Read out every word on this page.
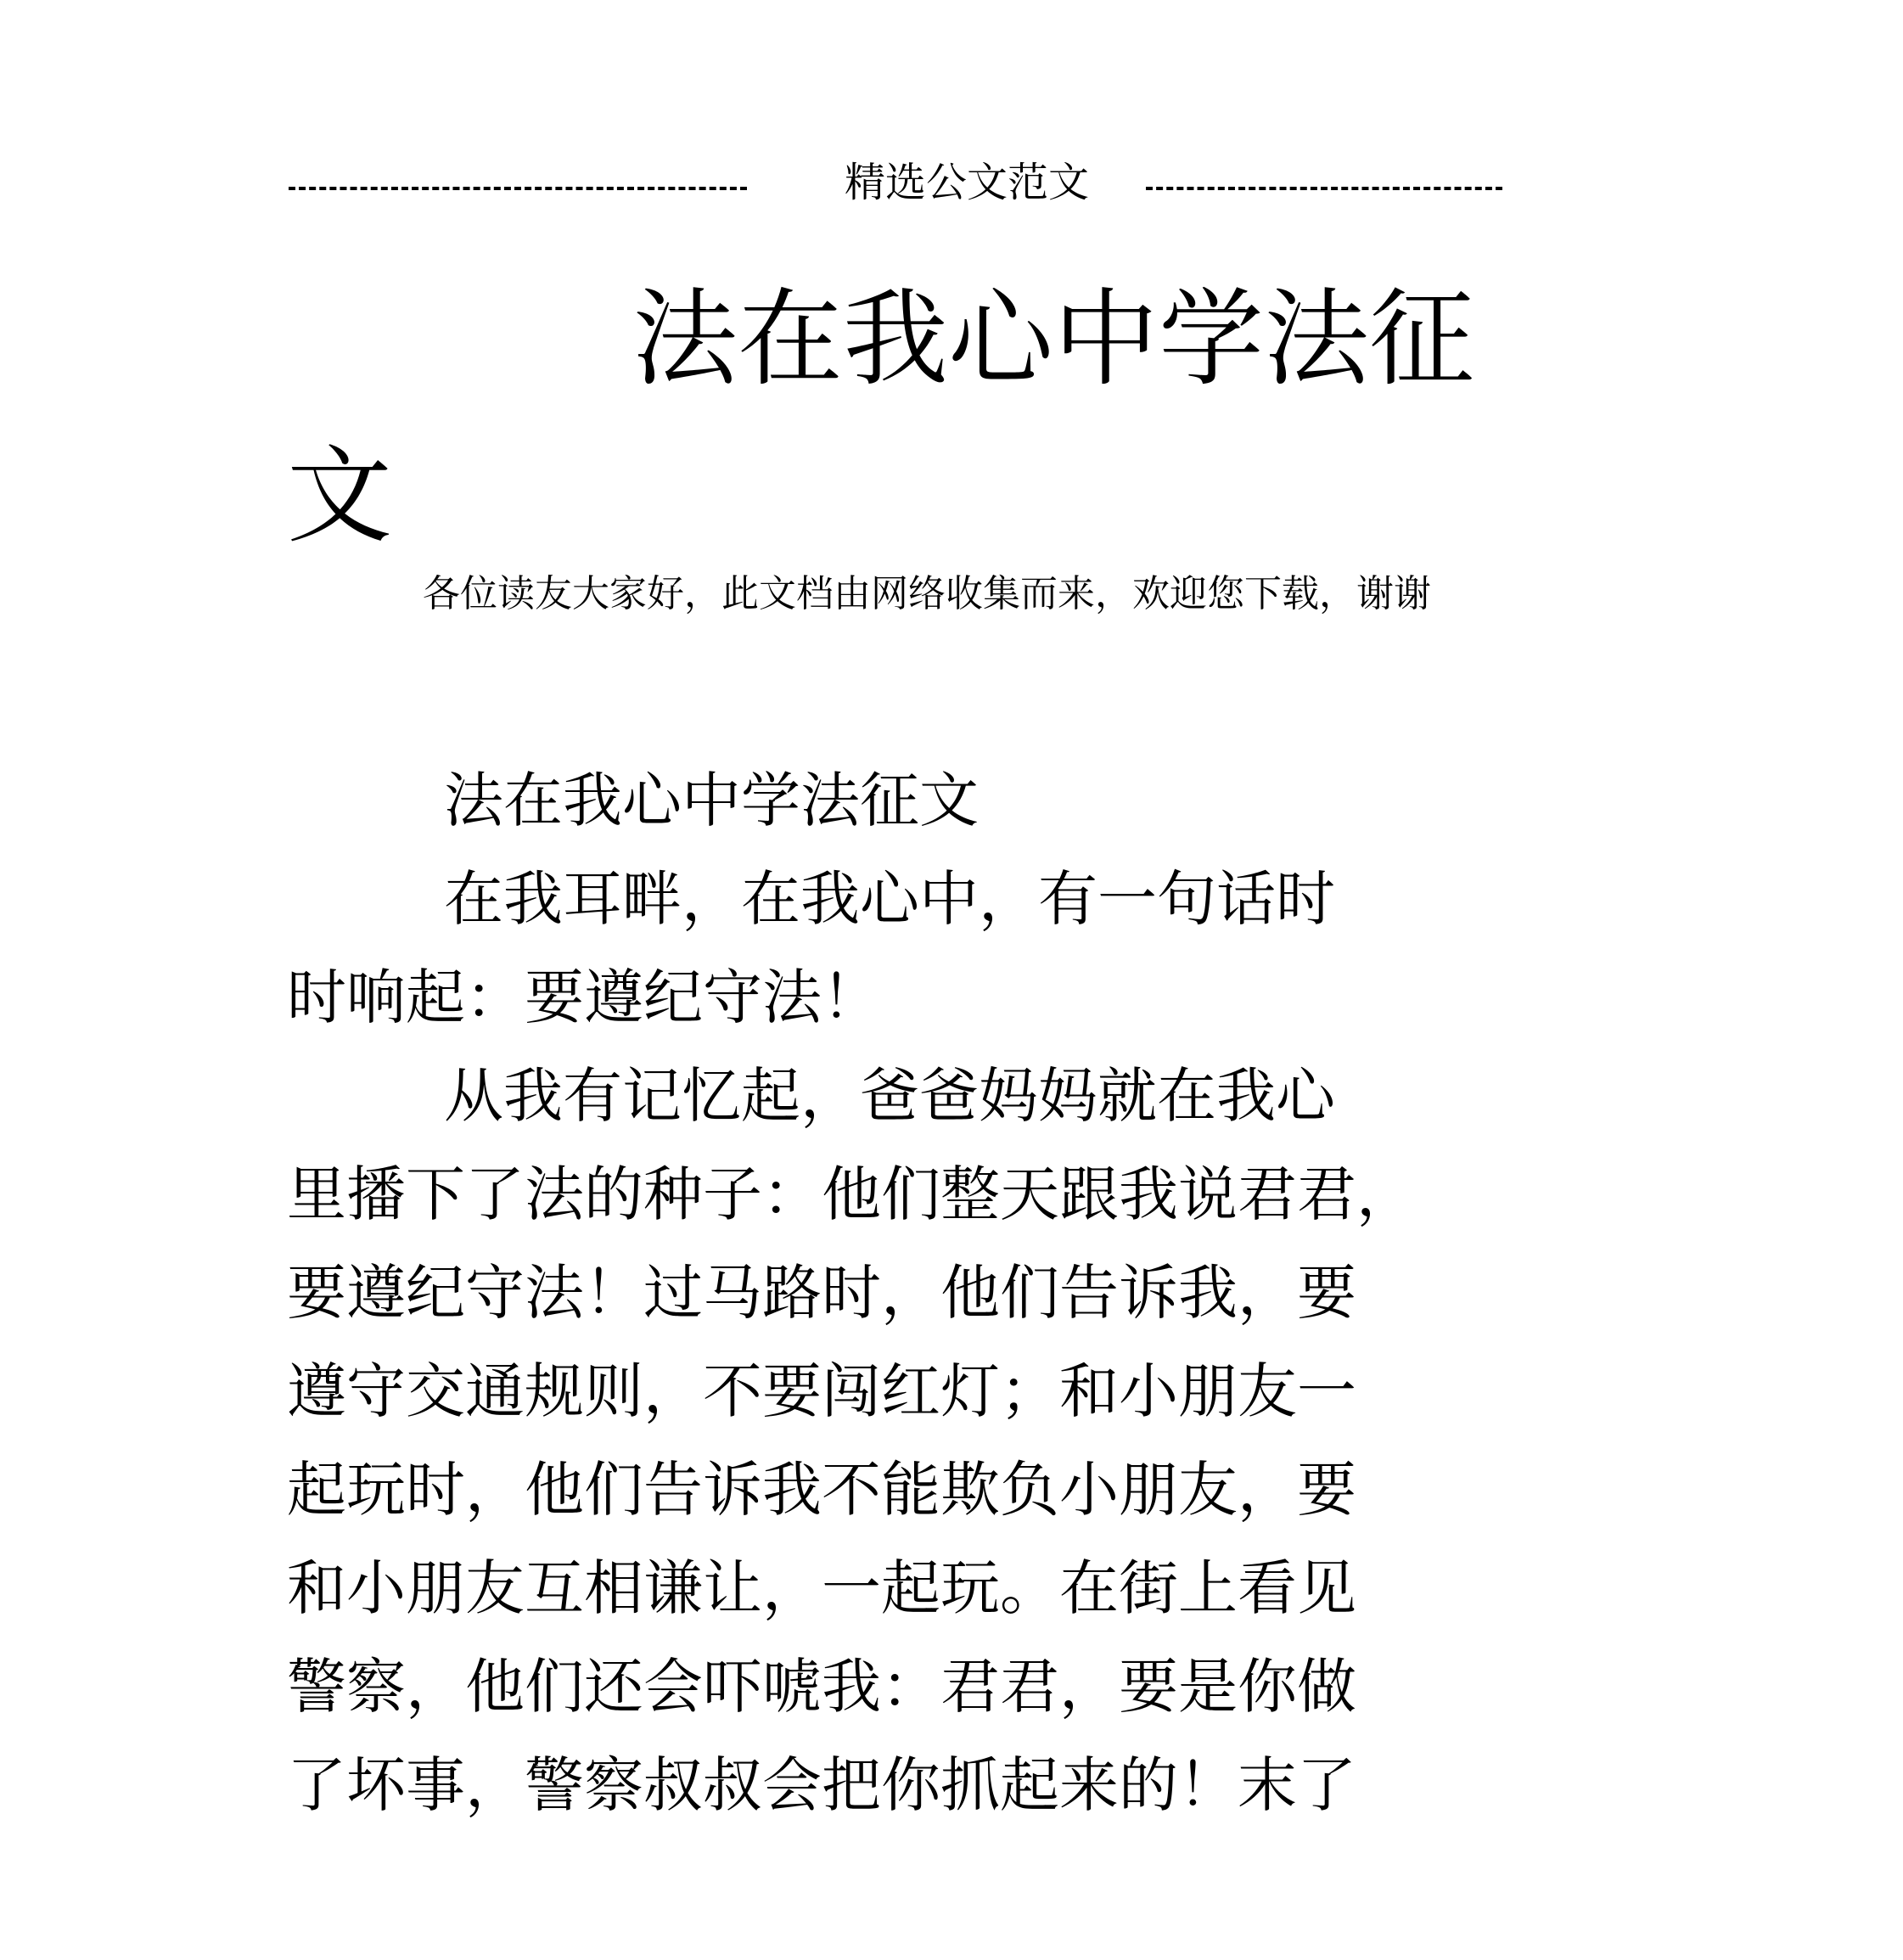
精选公文范文
法在我心中学法征
文
各位读友大家好，此文档由网络收集而来，欢迎您下载，谢谢

法在我心中学法征文

在我耳畔，在我心中，有一句话时

时响起：要遵纪守法！

从我有记忆起，爸爸妈妈就在我心

里播下了法的种子：他们整天跟我说君君，

要遵纪守法！过马路时，他们告诉我，要

遵守交通规则，不要闯红灯；和小朋友一

起玩时，他们告诉我不能欺负小朋友，要

和小朋友互相谦让，一起玩。在街上看见

警察，他们还会吓唬我：君君，要是你做

了坏事，警察叔叔会把你抓起来的！末了
